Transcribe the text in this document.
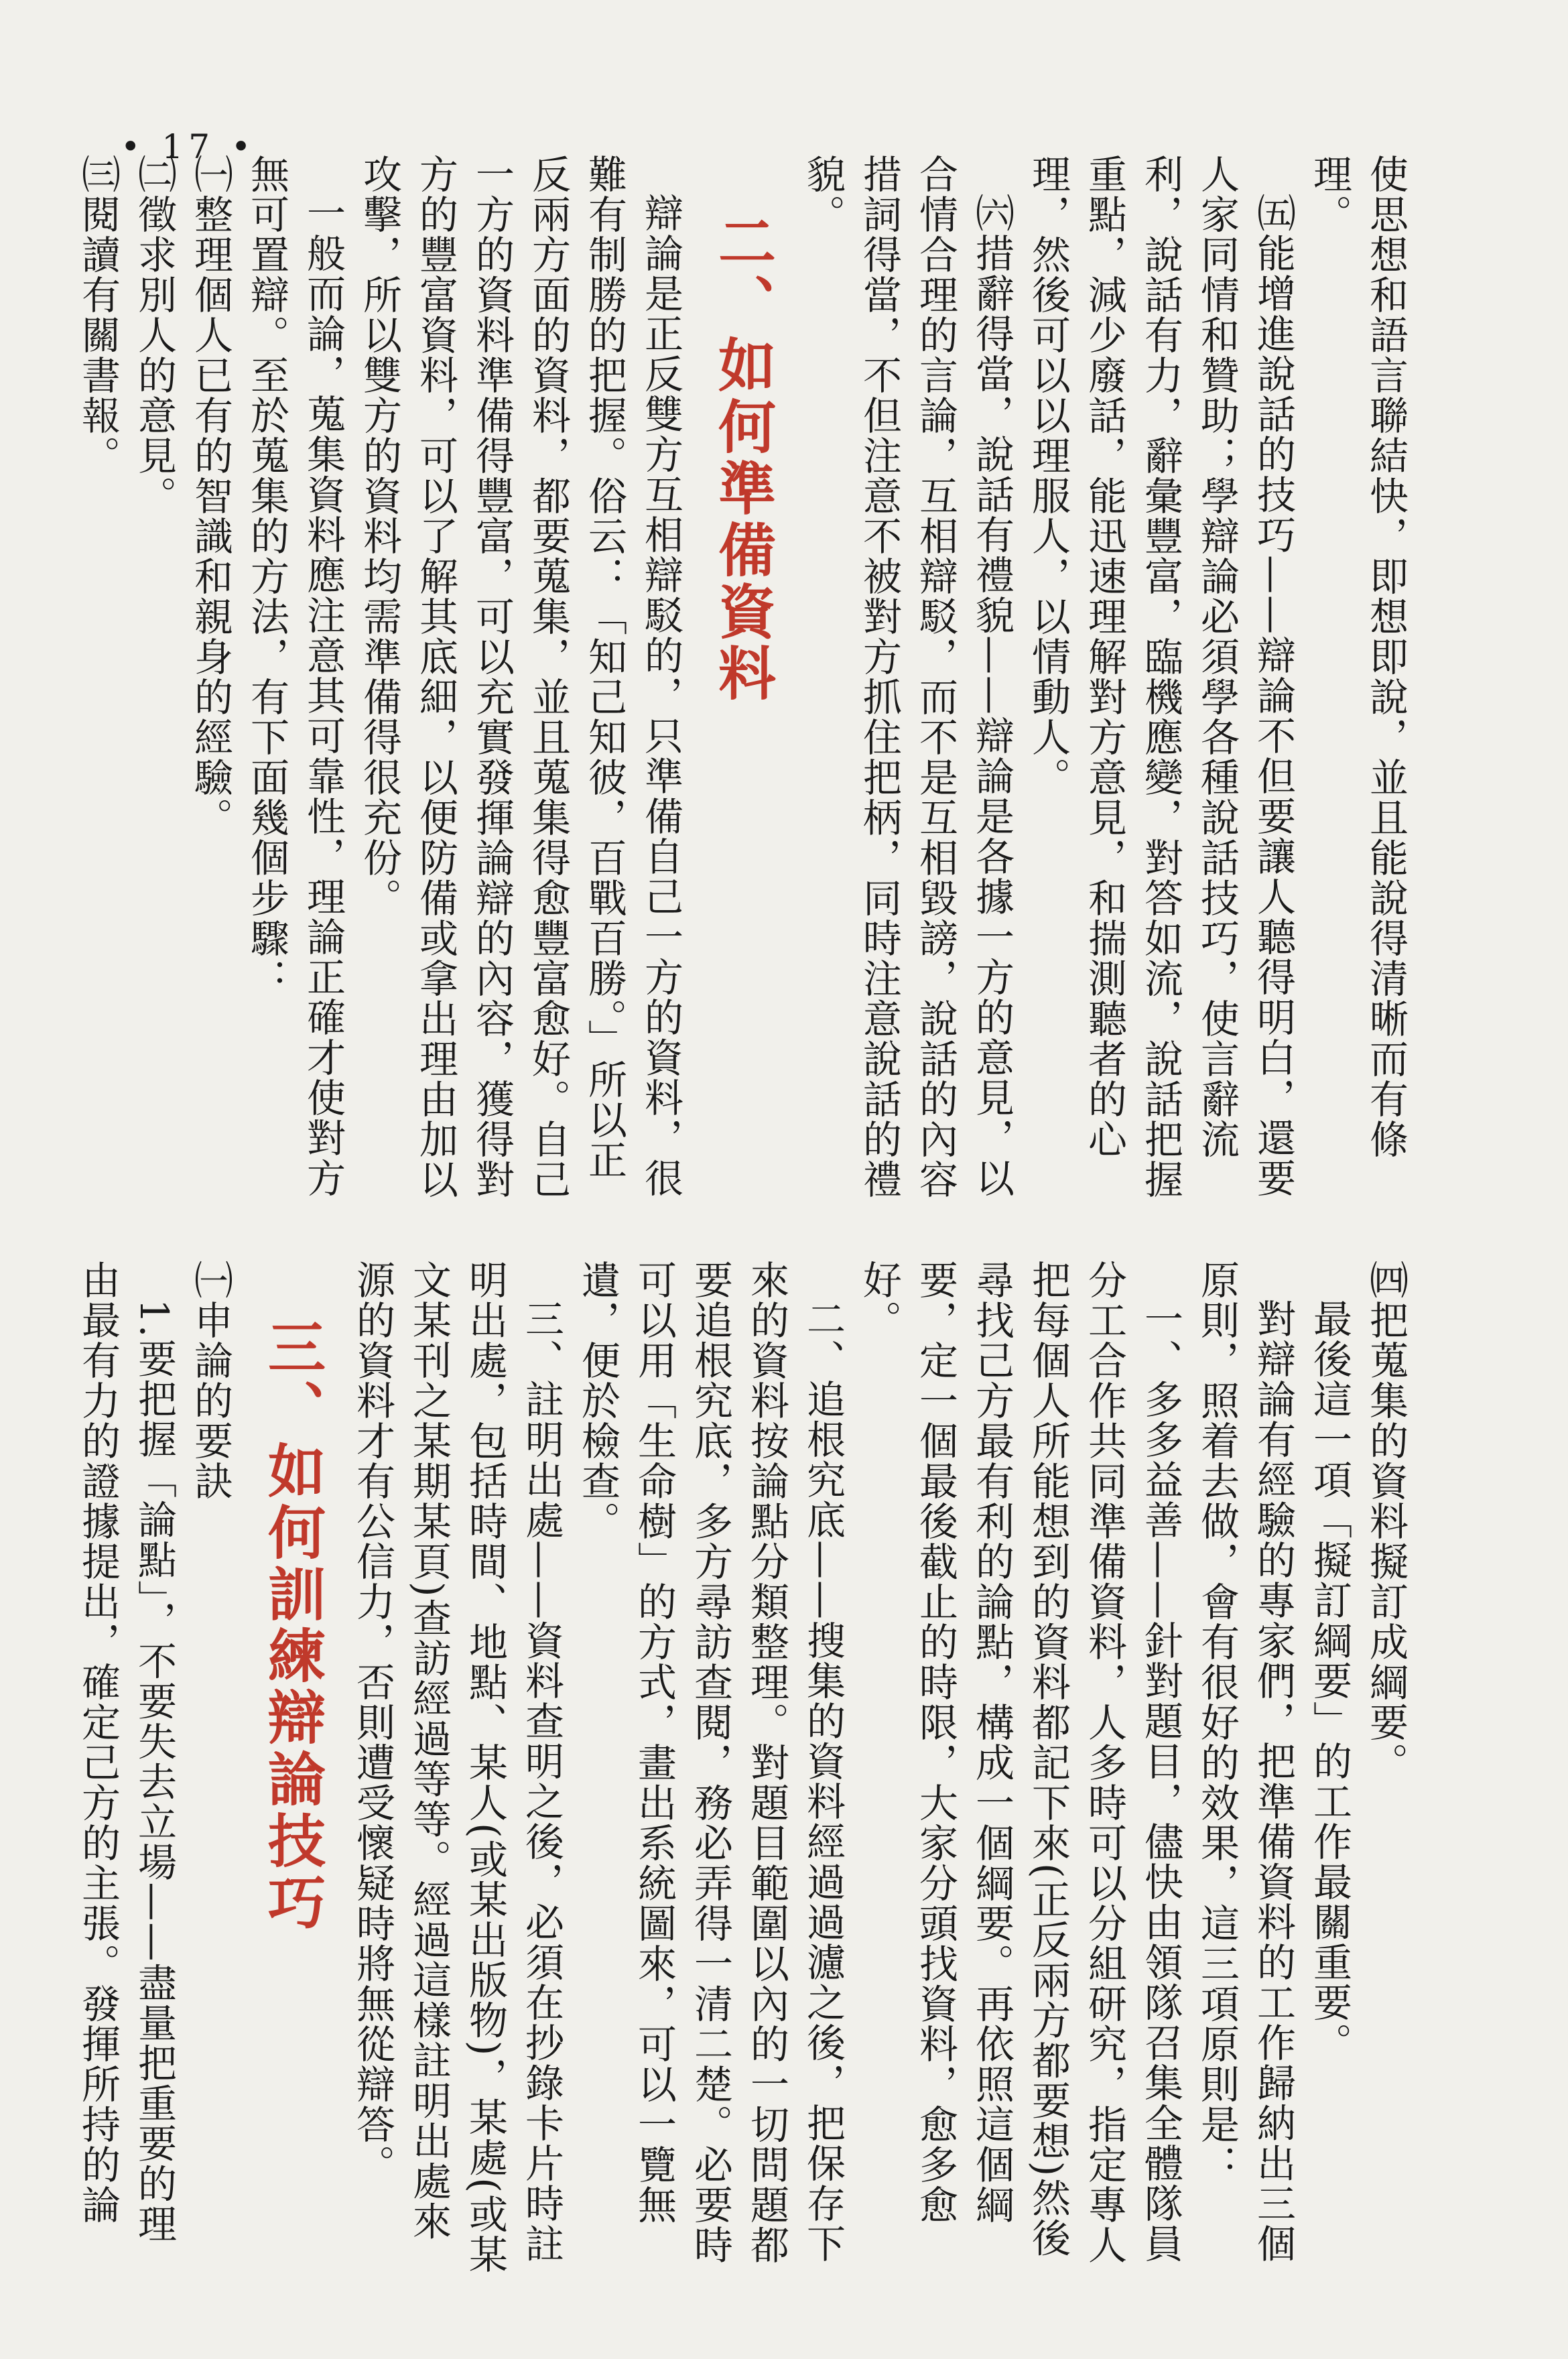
• 17 •

使思想和語言聯結快，即想即說，並且能說得清晰而有條理。

㈤能增進說話的技巧——辯論不但要讓人聽得明白，還要人家同情和贊助；學辯論必須學各種說話技巧，使言辭流利，說話有力，辭彙豐富，臨機應變，對答如流，說話把握重點，減少廢話，能迅速理解對方意見，和揣測聽者的心理，然後可以以理服人，以情動人。

㈥措辭得當，說話有禮貌——辯論是各據一方的意見，以合情合理的言論，互相辯駁，而不是互相毀謗，說話的內容措詞得當，不但注意不被對方抓住把柄，同時注意說話的禮貌。

二、如何準備資料

辯論是正反雙方互相辯駁的，只準備自己一方的資料，很難有制勝的把握。俗云：「知己知彼，百戰百勝。」所以正反兩方面的資料，都要蒐集，並且蒐集得愈豐富愈好。自己一方的資料準備得豐富，可以充實發揮論辯的內容，獲得對方的豐富資料，可以了解其底細，以便防備或拿出理由加以攻擊，所以雙方的資料均需準備得很充份。

一般而論，蒐集資料應注意其可靠性，理論正確才使對方無可置辯。至於蒐集的方法，有下面幾個步驟：

㈠整理個人已有的智識和親身的經驗。

㈡徵求別人的意見。

㈢閱讀有關書報。

㈣把蒐集的資料擬訂成綱要。

最後這一項「擬訂綱要」的工作最關重要。

對辯論有經驗的專家們，把準備資料的工作歸納出三個原則，照着去做，會有很好的效果，這三項原則是：

一、多多益善——針對題目，儘快由領隊召集全體隊員分工合作共同準備資料，人多時可以分組研究，指定專人把每個人所能想到的資料都記下來(正反兩方都要想)然後尋找己方最有利的論點，構成一個綱要。再依照這個綱要，定一個最後截止的時限，大家分頭找資料，愈多愈好。

二、追根究底——搜集的資料經過過濾之後，把保存下來的資料按論點分類整理。對題目範圍以內的一切問題都要追根究底，多方尋訪查閱，務必弄得一清二楚。必要時可以用「生命樹」的方式，畫出系統圖來，可以一覽無遺，便於檢查。

三、註明出處——資料查明之後，必須在抄錄卡片時註明出處，包括時間、地點、某人(或某出版物)，某處(或某文某刊之某期某頁)查訪經過等等。經過這樣註明出處來源的資料才有公信力，否則遭受懷疑時將無從辯答。

三、如何訓練辯論技巧

㈠申論的要訣

1.要把握「論點」，不要失去立場——盡量把重要的理由最有力的證據提出，確定己方的主張。發揮所持的論
